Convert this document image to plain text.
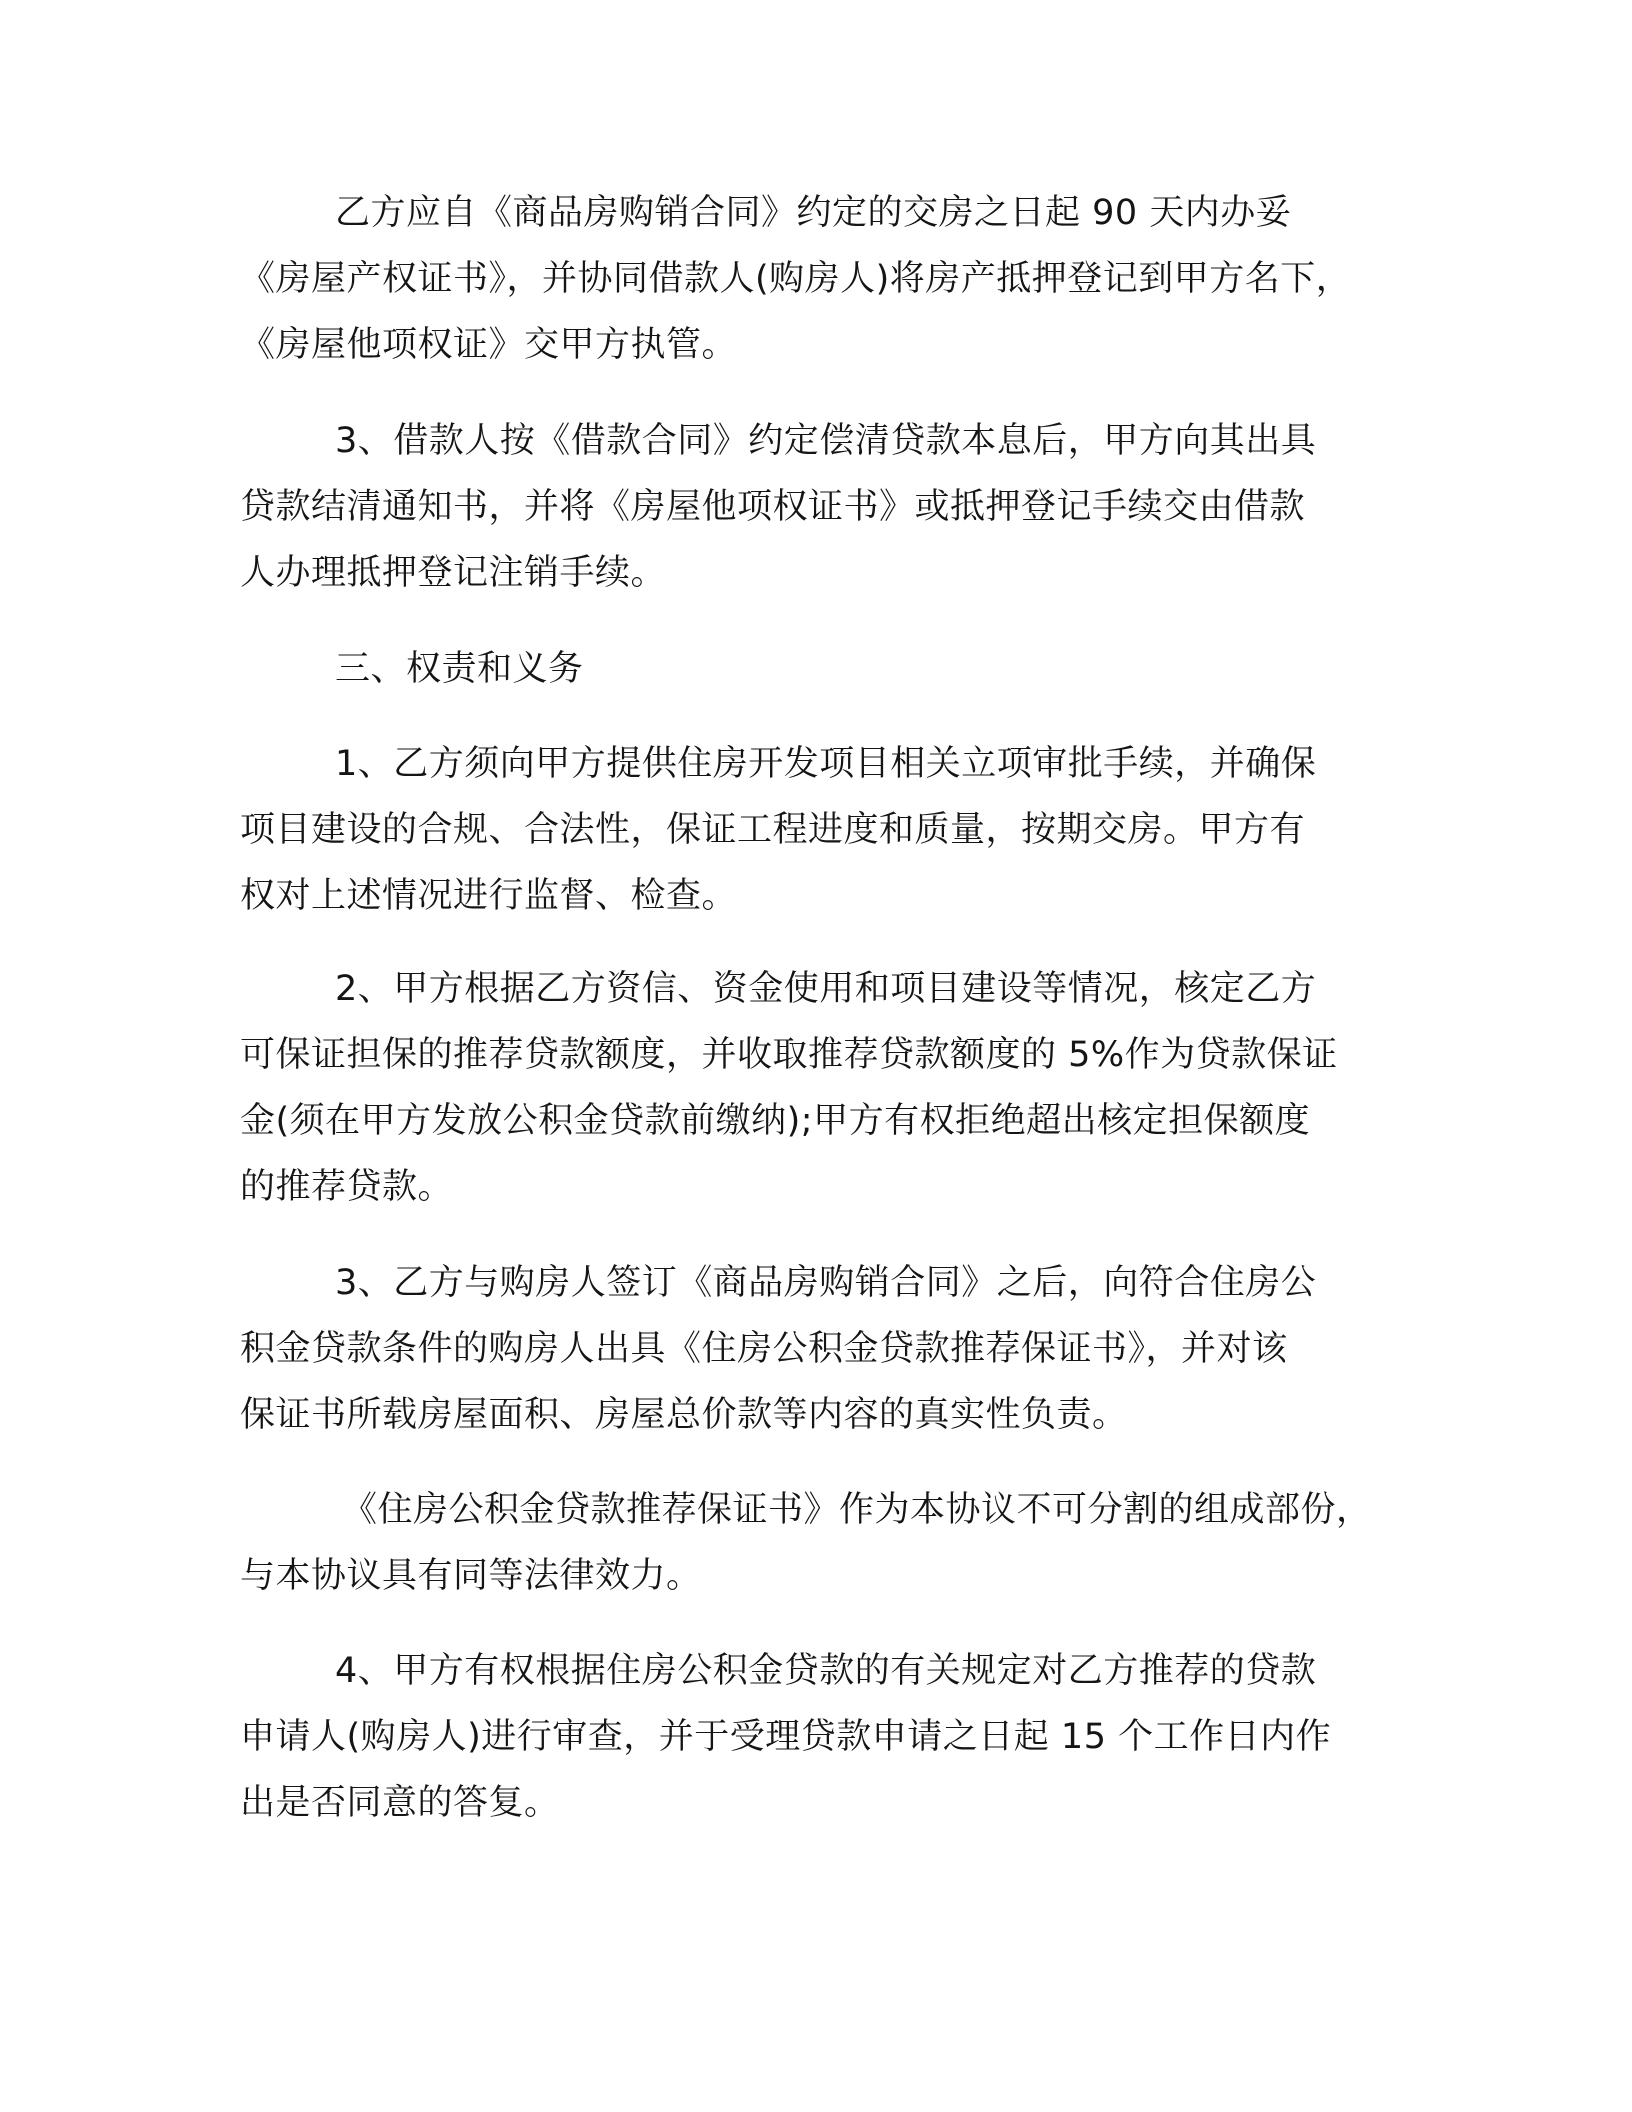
乙方应自《商品房购销合同》约定的交房之日起 90 天内办妥
《房屋产权证书》，并协同借款人(购房人)将房产抵押登记到甲方名下，
《房屋他项权证》交甲方执管。
3、借款人按《借款合同》约定偿清贷款本息后，甲方向其出具
贷款结清通知书，并将《房屋他项权证书》或抵押登记手续交由借款
人办理抵押登记注销手续。
三、权责和义务
1、乙方须向甲方提供住房开发项目相关立项审批手续，并确保
项目建设的合规、合法性，保证工程进度和质量，按期交房。甲方有
权对上述情况进行监督、检查。
2、甲方根据乙方资信、资金使用和项目建设等情况，核定乙方
可保证担保的推荐贷款额度，并收取推荐贷款额度的 5%作为贷款保证
金(须在甲方发放公积金贷款前缴纳);甲方有权拒绝超出核定担保额度
的推荐贷款。
3、乙方与购房人签订《商品房购销合同》之后，向符合住房公
积金贷款条件的购房人出具《住房公积金贷款推荐保证书》，并对该
保证书所载房屋面积、房屋总价款等内容的真实性负责。
《住房公积金贷款推荐保证书》作为本协议不可分割的组成部份，
与本协议具有同等法律效力。
4、甲方有权根据住房公积金贷款的有关规定对乙方推荐的贷款
申请人(购房人)进行审查，并于受理贷款申请之日起 15 个工作日内作
出是否同意的答复。
